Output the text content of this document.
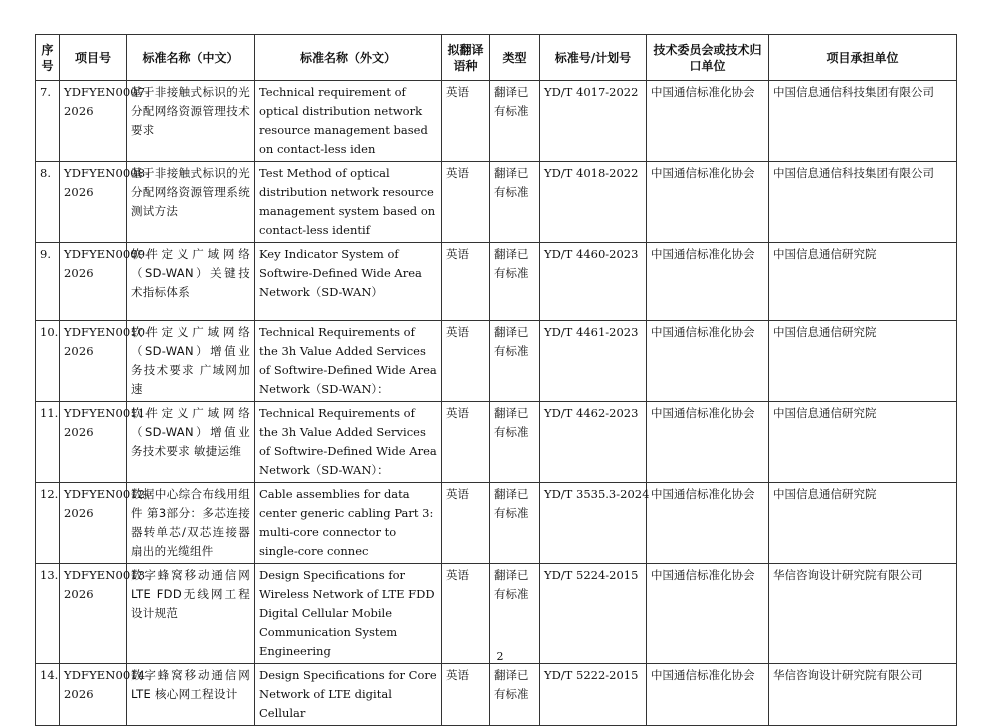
序号	项目号	标准名称（中文）	标准名称（外文）	拟翻译语种	类型	标准号/计划号	技术委员会或技术归口单位	项目承担单位
7.	YDFYEN0007-2026	基于非接触式标识的光分配网络资源管理技术要求	Technical requirement of optical distribution network resource management based on contact-less iden	英语	翻译已有标准	YD/T 4017-2022	中国通信标准化协会	中国信息通信科技集团有限公司
8.	YDFYEN0008-2026	基于非接触式标识的光分配网络资源管理系统测试方法	Test Method of optical distribution network resource management system based on contact-less identif	英语	翻译已有标准	YD/T 4018-2022	中国通信标准化协会	中国信息通信科技集团有限公司
9.	YDFYEN0009-2026	软件定义广域网络（SD-WAN）关键技术指标体系	Key Indicator System of Softwire-Defined Wide Area Network（SD-WAN）	英语	翻译已有标准	YD/T 4460-2023	中国通信标准化协会	中国信息通信研究院
10.	YDFYEN0010-2026	软件定义广域网络（SD-WAN）增值业务技术要求 广域网加速	Technical Requirements of the 3h Value Added Services of Softwire-Defined Wide Area Network（SD-WAN）：	英语	翻译已有标准	YD/T 4461-2023	中国通信标准化协会	中国信息通信研究院
11.	YDFYEN0011-2026	软件定义广域网络（SD-WAN）增值业务技术要求 敏捷运维	Technical Requirements of the 3h Value Added Services of Softwire-Defined Wide Area Network（SD-WAN）：	英语	翻译已有标准	YD/T 4462-2023	中国通信标准化协会	中国信息通信研究院
12.	YDFYEN0012-2026	数据中心综合布线用组件 第3部分：多芯连接器转单芯/双芯连接器扇出的光缆组件	Cable assemblies for data center generic cabling Part 3: multi-core connector to single-core connec	英语	翻译已有标准	YD/T 3535.3-2024	中国通信标准化协会	中国信息通信研究院
13.	YDFYEN0013-2026	数字蜂窝移动通信网LTE FDD无线网工程设计规范	Design Specifications for Wireless Network of LTE FDD Digital Cellular Mobile Communication System Engineering	英语	翻译已有标准	YD/T 5224-2015	中国通信标准化协会	华信咨询设计研究院有限公司
14.	YDFYEN0014-2026	数字蜂窝移动通信网LTE 核心网工程设计	Design Specifications for Core Network of LTE digital Cellular	英语	翻译已有标准	YD/T 5222-2015	中国通信标准化协会	华信咨询设计研究院有限公司
2
